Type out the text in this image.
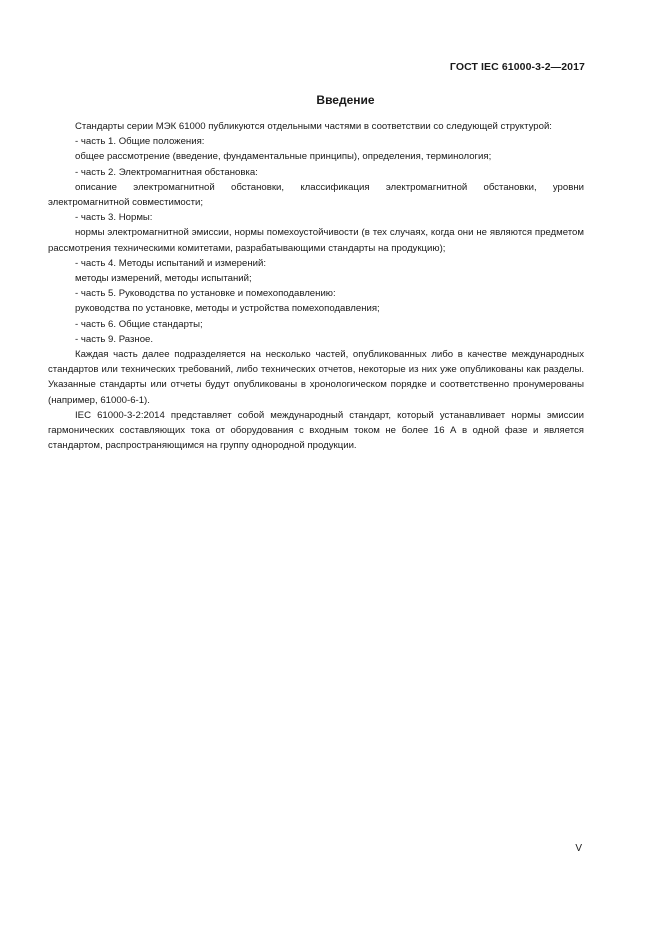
ГОСТ IEC 61000-3-2—2017
Введение

Стандарты серии МЭК 61000 публикуются отдельными частями в соответствии со следующей структурой:

- часть 1. Общие положения:

общее рассмотрение (введение, фундаментальные принципы), определения, терминология;

- часть 2. Электромагнитная обстановка:

описание электромагнитной обстановки, классификация электромагнитной обстановки, уровни электромагнитной совместимости;

- часть 3. Нормы:

нормы электромагнитной эмиссии, нормы помехоустойчивости (в тех случаях, когда они не являются предметом рассмотрения техническими комитетами, разрабатывающими стандарты на продукцию);

- часть 4. Методы испытаний и измерений:

методы измерений, методы испытаний;

- часть 5. Руководства по установке и помехоподавлению:

руководства по установке, методы и устройства помехоподавления;

- часть 6. Общие стандарты;

- часть 9. Разное.

Каждая часть далее подразделяется на несколько частей, опубликованных либо в качестве международных стандартов или технических требований, либо технических отчетов, некоторые из них уже опубликованы как разделы. Указанные стандарты или отчеты будут опубликованы в хронологическом порядке и соответственно пронумерованы (например, 61000-6-1).

IEC 61000-3-2:2014 представляет собой международный стандарт, который устанавливает нормы эмиссии гармонических составляющих тока от оборудования с входным током не более 16 А в одной фазе и является стандартом, распространяющимся на группу однородной продукции.

V
